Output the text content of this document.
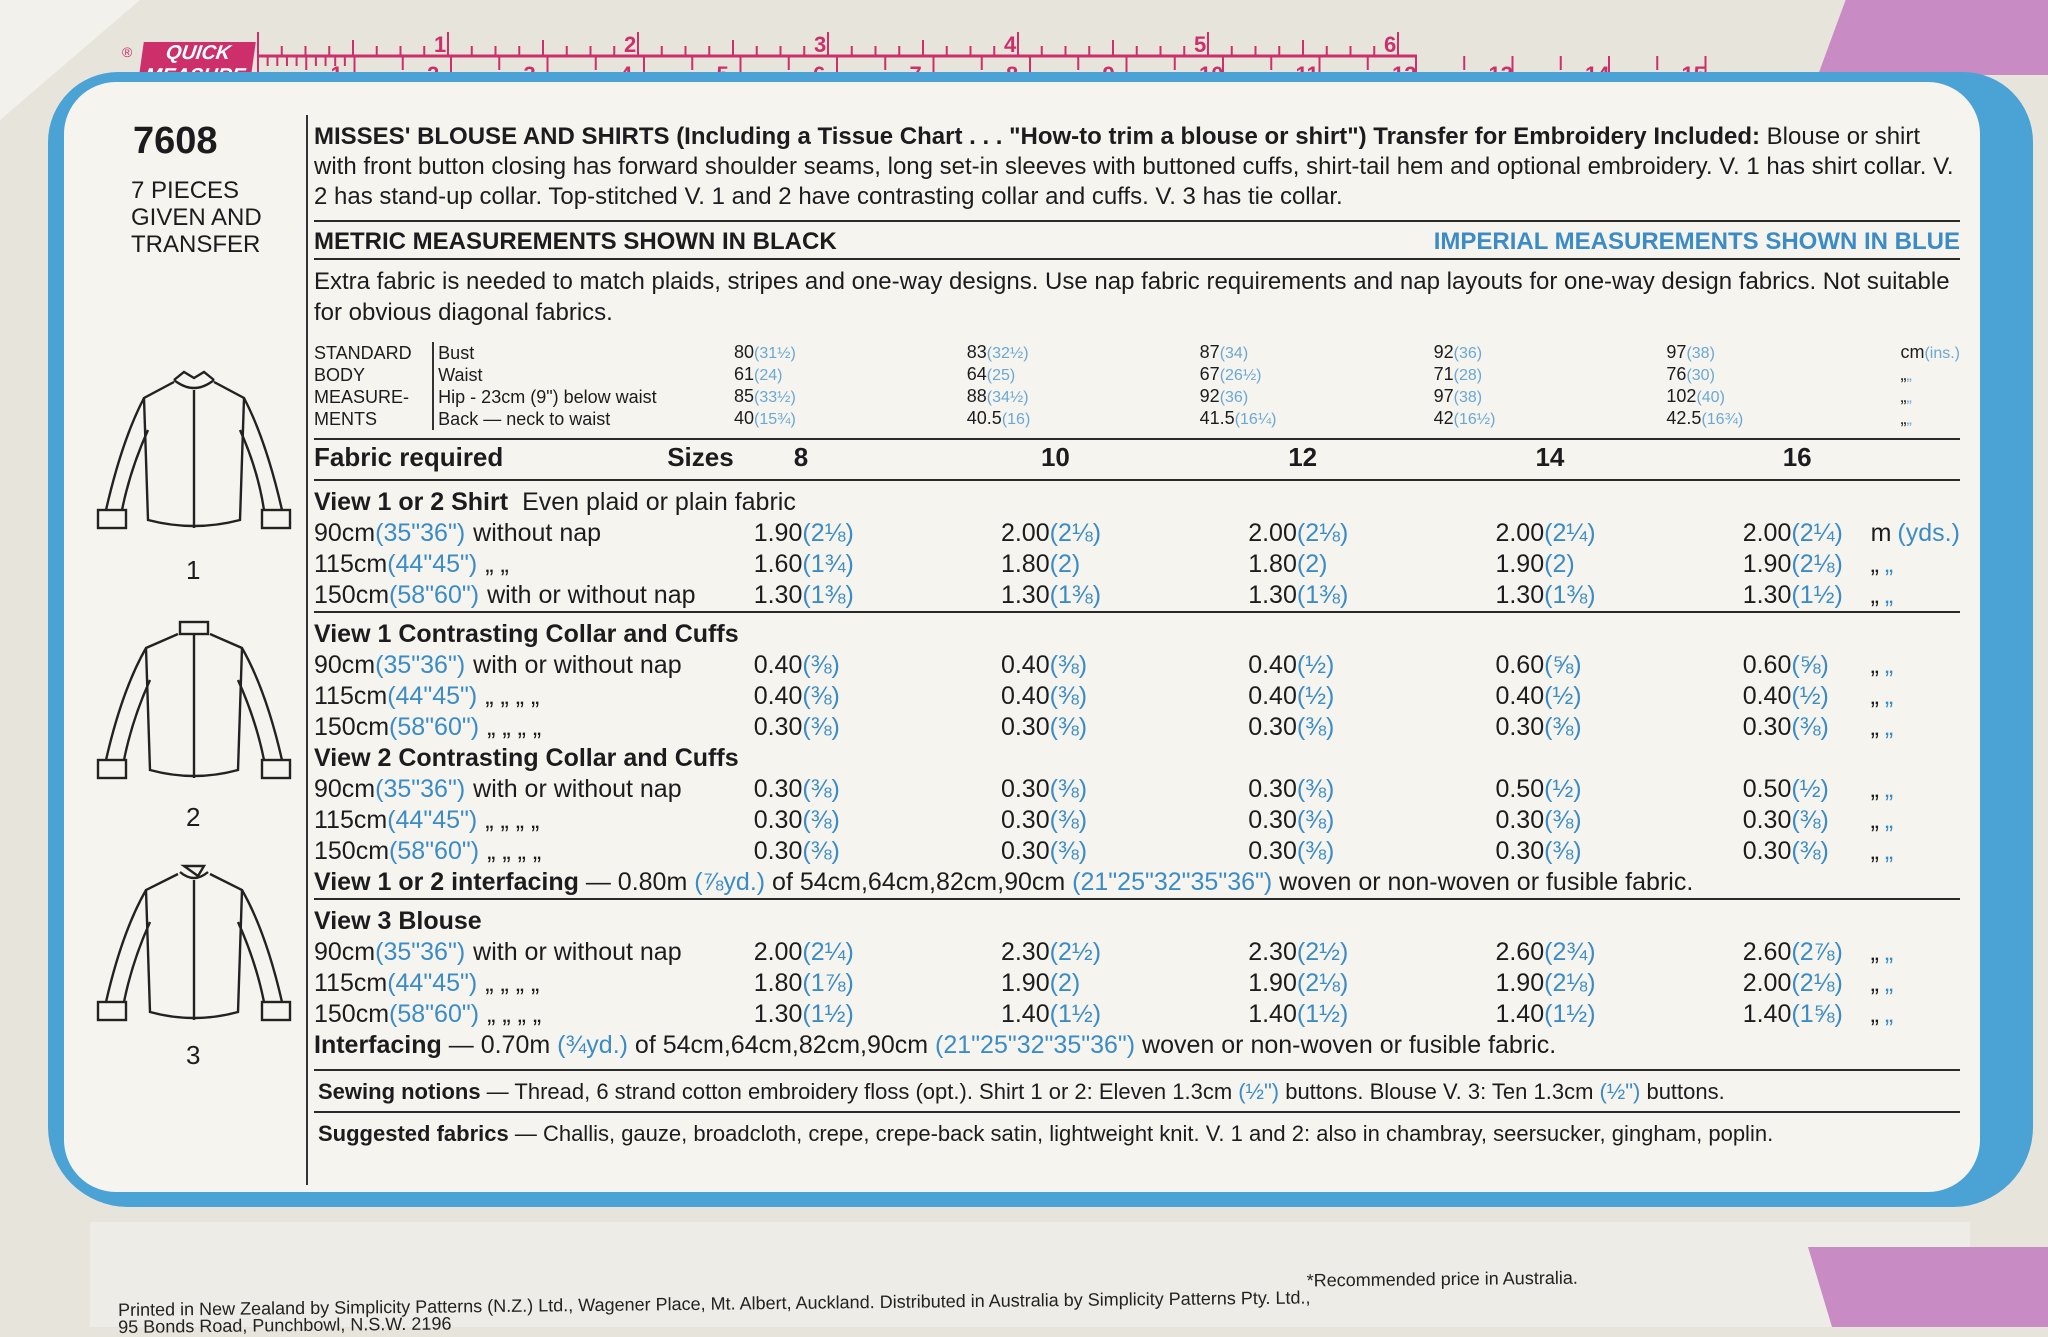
®	QUICK	1	2	3	4	5	6
7608
7 PIECES
GIVEN AND
TRANSFER
1
2
3

MISSES' BLOUSE AND SHIRTS (Including a Tissue Chart . . . "How-to trim a blouse or shirt") Transfer for Embroidery Included: Blouse or shirt with front button closing has forward shoulder seams, long set-in sleeves with buttoned cuffs, shirt-tail hem and optional embroidery. V. 1 has shirt collar. V. 2 has stand-up collar. Top-stitched V. 1 and 2 have contrasting collar and cuffs. V. 3 has tie collar.

METRIC MEASUREMENTS SHOWN IN BLACK	IMPERIAL MEASUREMENTS SHOWN IN BLUE
Extra fabric is needed to match plaids, stripes and one-way designs. Use nap fabric requirements and nap layouts for one-way design fabrics. Not suitable for obvious diagonal fabrics.
STANDARD	Bust	80(31½)	83(32½)	87(34)	92(36)	97(38)	cm(ins.)
BODY	Waist	61(24)	64(25)	67(26½)	71(28)	76(30)	„„
MEASURE-	Hip - 23cm (9") below waist	85(33½)	88(34½)	92(36)	97(38)	102(40)	„„
MENTS	Back — neck to waist	40(15¾)	40.5(16)	41.5(16¼)	42(16½)	42.5(16¾)	„„
Fabric required Sizes	8	10	12	14	16		

View 1 or 2 Shirt Even plaid or plain fabric							
90cm(35"36") without nap	1.90(2⅛)	2.00(2⅛)	2.00(2⅛)	2.00(2¼)	2.00(2¼)	m (yds.)	
115cm(44"45") „ „	1.60(1¾)	1.80(2)	1.80(2)	1.90(2)	1.90(2⅛)	„ „	
150cm(58"60") with or without nap	1.30(1⅜)	1.30(1⅜)	1.30(1⅜)	1.30(1⅜)	1.30(1½)	„ „	

View 1 Contrasting Collar and Cuffs							
90cm(35"36") with or without nap	0.40(⅜)	0.40(⅜)	0.40(½)	0.60(⅝)	0.60(⅝)	„ „	
115cm(44"45") „ „ „ „	0.40(⅜)	0.40(⅜)	0.40(½)	0.40(½)	0.40(½)	„ „	
150cm(58"60") „ „ „ „	0.30(⅜)	0.30(⅜)	0.30(⅜)	0.30(⅜)	0.30(⅜)	„ „	
View 2 Contrasting Collar and Cuffs							
90cm(35"36") with or without nap	0.30(⅜)	0.30(⅜)	0.30(⅜)	0.50(½)	0.50(½)	„ „	
115cm(44"45") „ „ „ „	0.30(⅜)	0.30(⅜)	0.30(⅜)	0.30(⅜)	0.30(⅜)	„ „	
150cm(58"60") „ „ „ „	0.30(⅜)	0.30(⅜)	0.30(⅜)	0.30(⅜)	0.30(⅜)	„ „	
View 1 or 2 interfacing — 0.80m (⅞yd.) of 54cm,64cm,82cm,90cm (21"25"32"35"36") woven or non-woven or fusible fabric.							

View 3 Blouse							
90cm(35"36") with or without nap	2.00(2¼)	2.30(2½)	2.30(2½)	2.60(2¾)	2.60(2⅞)	„ „	
115cm(44"45") „ „ „ „	1.80(1⅞)	1.90(2)	1.90(2⅛)	1.90(2⅛)	2.00(2⅛)	„ „	
150cm(58"60") „ „ „ „	1.30(1½)	1.40(1½)	1.40(1½)	1.40(1½)	1.40(1⅝)	„ „	
Interfacing — 0.70m (¾yd.) of 54cm,64cm,82cm,90cm (21"25"32"35"36") woven or non-woven or fusible fabric.							
Sewing notions — Thread, 6 strand cotton embroidery floss (opt.). Shirt 1 or 2: Eleven 1.3cm (½") buttons. Blouse V. 3: Ten 1.3cm (½") buttons.
Suggested fabrics — Challis, gauze, broadcloth, crepe, crepe-back satin, lightweight knit. V. 1 and 2: also in chambray, seersucker, gingham, poplin.
*Recommended price in Australia.
Printed in New Zealand by Simplicity Patterns (N.Z.) Ltd., Wagener Place, Mt. Albert, Auckland. Distributed in Australia by Simplicity Patterns Pty. Ltd.,
95 Bonds Road, Punchbowl, N.S.W. 2196
